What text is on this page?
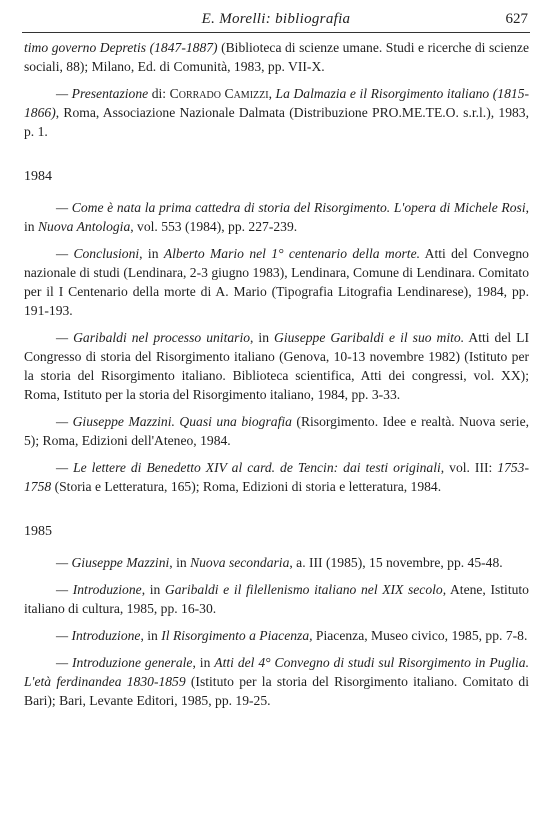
E. Morelli: bibliografia	627

timo governo Depretis (1847-1887) (Biblioteca di scienze umane. Studi e ricerche di scienze sociali, 88); Milano, Ed. di Comunità, 1983, pp. VII-X.

— Presentazione di: Corrado Camizzi, La Dalmazia e il Risorgimento italiano (1815-1866), Roma, Associazione Nazionale Dalmata (Distribuzione PRO.ME.TE.O. s.r.l.), 1983, p. 1.

1984

— Come è nata la prima cattedra di storia del Risorgimento. L'opera di Michele Rosi, in Nuova Antologia, vol. 553 (1984), pp. 227-239.

— Conclusioni, in Alberto Mario nel 1° centenario della morte. Atti del Convegno nazionale di studi (Lendinara, 2-3 giugno 1983), Lendinara, Comune di Lendinara. Comitato per il I Centenario della morte di A. Mario (Tipografia Litografia Lendinarese), 1984, pp. 191-193.

— Garibaldi nel processo unitario, in Giuseppe Garibaldi e il suo mito. Atti del LI Congresso di storia del Risorgimento italiano (Genova, 10-13 novembre 1982) (Istituto per la storia del Risorgimento italiano. Biblioteca scientifica, Atti dei congressi, vol. XX); Roma, Istituto per la storia del Risorgimento italiano, 1984, pp. 3-33.

— Giuseppe Mazzini. Quasi una biografia (Risorgimento. Idee e realtà. Nuova serie, 5); Roma, Edizioni dell'Ateneo, 1984.

— Le lettere di Benedetto XIV al card. de Tencin: dai testi originali, vol. III: 1753-1758 (Storia e Letteratura, 165); Roma, Edizioni di storia e letteratura, 1984.

1985

— Giuseppe Mazzini, in Nuova secondaria, a. III (1985), 15 novembre, pp. 45-48.

— Introduzione, in Garibaldi e il filellenismo italiano nel XIX secolo, Atene, Istituto italiano di cultura, 1985, pp. 16-30.

— Introduzione, in Il Risorgimento a Piacenza, Piacenza, Museo civico, 1985, pp. 7-8.

— Introduzione generale, in Atti del 4° Convegno di studi sul Risorgimento in Puglia. L'età ferdinandea 1830-1859 (Istituto per la storia del Risorgimento italiano. Comitato di Bari); Bari, Levante Editori, 1985, pp. 19-25.
